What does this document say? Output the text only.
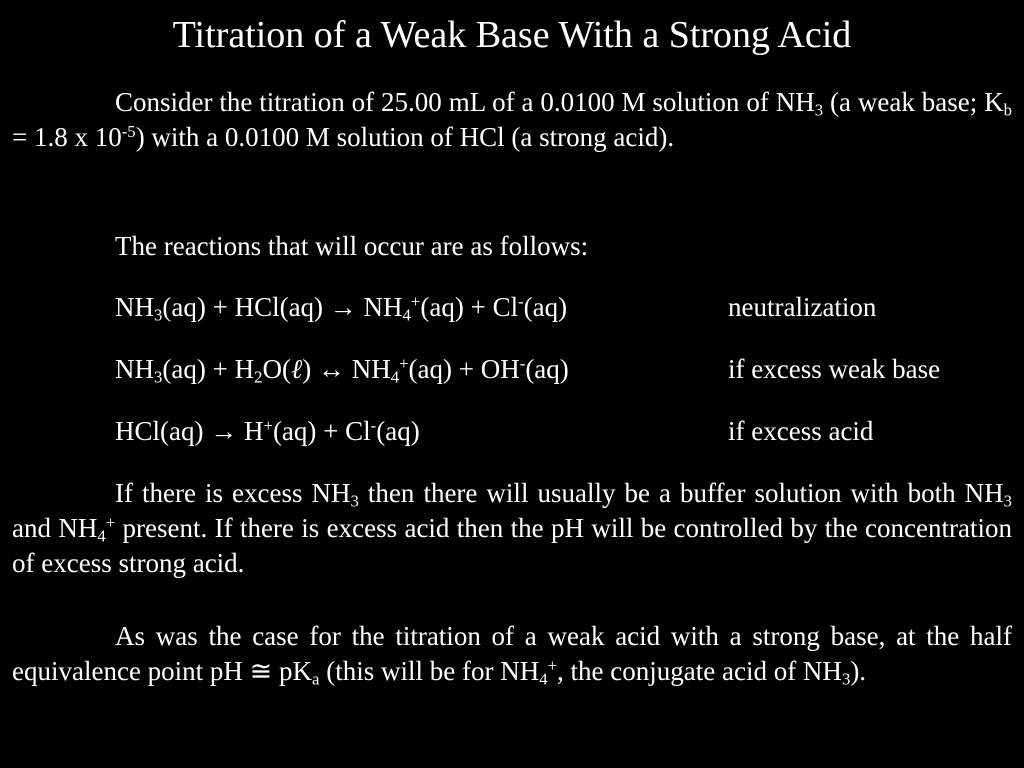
Titration of a Weak Base With a Strong Acid
Consider the titration of 25.00 mL of a 0.0100 M solution of $NH_3$ (a weak base; $K_b = 1.8$ x $10^{-5}$) with a 0.0100 M solution of HCl (a strong acid).
The reactions that will occur are as follows:
$NH_3(aq) + HCl(aq) \to NH_4^+(aq) + Cl^-(aq)$	neutralization
$NH_3(aq)$ + $H_2O(\ell)$ ↔ $NH_4^+(aq) + OH^-(aq)$	if excess weak base
HCl(aq) → H+(aq) + Cl-(aq)	if excess acid
If there is excess $NH_3$ then there will usually be a buffer solution with both $NH_3$ and $NH_4^+$ present. If there is excess acid then the pH will be controlled by the concentration of excess strong acid.
As was the case for the titration of a weak acid with a strong base, at the half equivalence point pH ≅ $pK_a$ (this will be for $NH_4^+$, the conjugate acid of $NH_3$).
